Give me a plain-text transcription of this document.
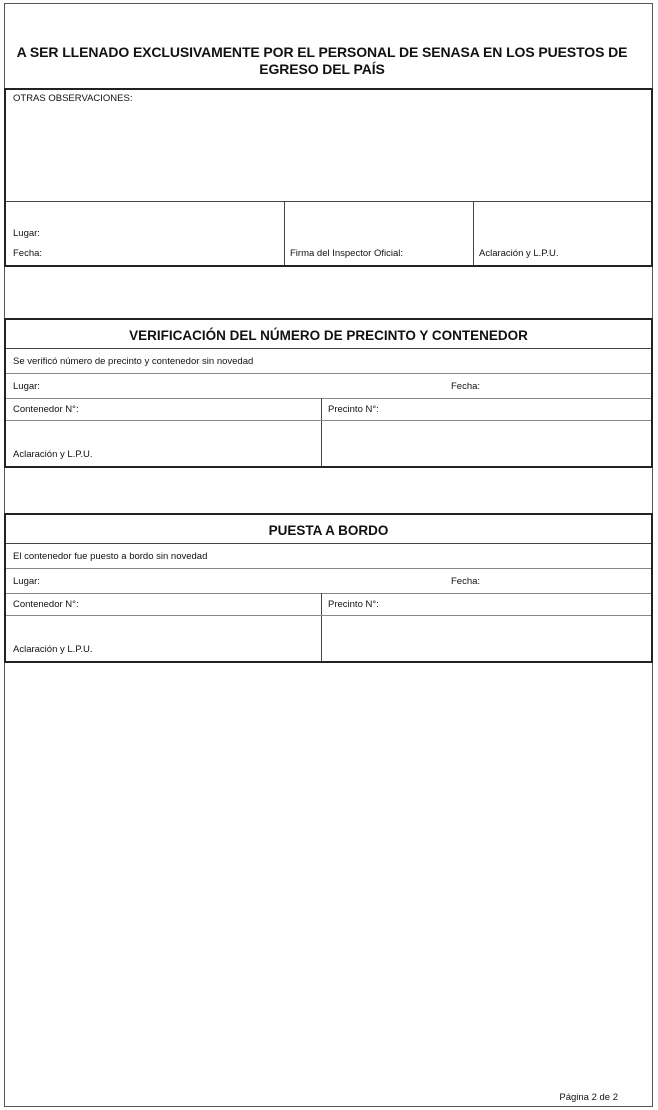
A SER LLENADO EXCLUSIVAMENTE POR EL PERSONAL DE SENASA EN LOS PUESTOS DE
EGRESO DEL PAÍS
OTRAS OBSERVACIONES:
Lugar:
Fecha:	Firma del Inspector Oficial:	Aclaración y L.P.U.
VERIFICACIÓN DEL NÚMERO DE PRECINTO Y CONTENEDOR
Se verificó número de precinto y contenedor sin novedad
Lugar:	Fecha:
Contenedor N°:	Precinto N°:
Aclaración y L.P.U.
PUESTA A BORDO
El contenedor fue puesto a bordo sin novedad
Lugar:	Fecha:
Contenedor N°:	Precinto N°:
Aclaración y L.P.U.
Página 2 de 2
